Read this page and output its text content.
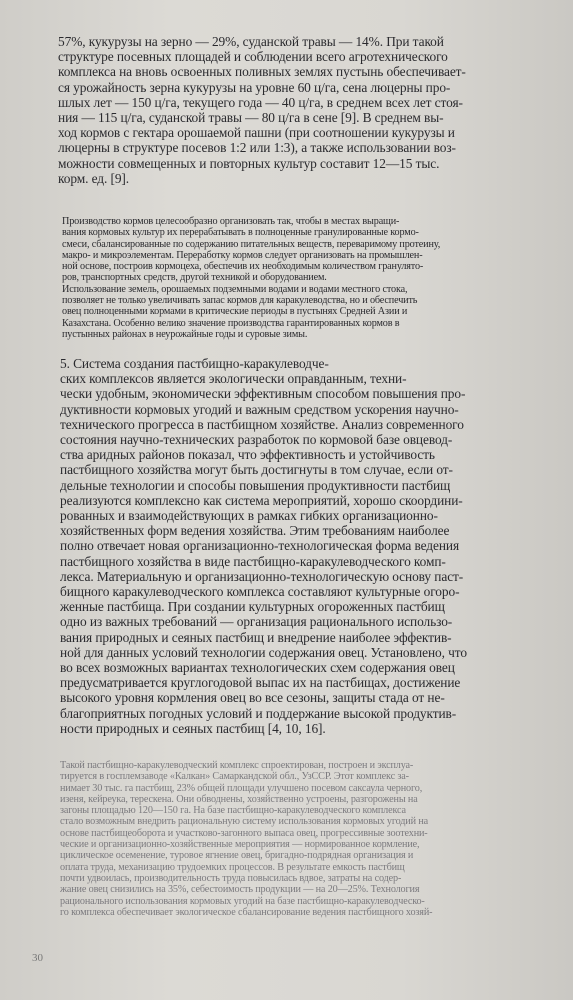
57%, кукурузы на зерно — 29%, суданской травы — 14%. При такой
структуре посевных площадей и соблюдении всего агротехнического
комплекса на вновь освоенных поливных землях пустынь обеспечивает-
ся урожайность зерна кукурузы на уровне 60 ц/га, сена люцерны про-
шлых лет — 150 ц/га, текущего года — 40 ц/га, в среднем всех лет стоя-
ния — 115 ц/га, суданской травы — 80 ц/га в сене [9]. В среднем вы-
ход кормов с гектара орошаемой пашни (при соотношении кукурузы и
люцерны в структуре посевов 1:2 или 1:3), а также использовании воз-
можности совмещенных и повторных культур составит 12—15 тыс.
корм. ед. [9].
Производство кормов целесообразно организовать так, чтобы в местах выращи-
вания кормовых культур их перерабатывать в полноценные гранулированные кормо-
смеси, сбалансированные по содержанию питательных веществ, переваримому протеину,
макро- и микроэлементам. Переработку кормов следует организовать на промышлен-
ной основе, построив кормоцеха, обеспечив их необходимым количеством гранулято-
ров, транспортных средств, другой техникой и оборудованием.
Использование земель, орошаемых подземными водами и водами местного стока,
позволяет не только увеличивать запас кормов для каракулеводства, но и обеспечить
овец полноценными кормами в критические периоды в пустынях Средней Азии и
Казахстана. Особенно велико значение производства гарантированных кормов в
пустынных районах в неурожайные годы и суровые зимы.
5. Система создания пастбищно-каракулеводче-
ских комплексов является экологически оправданным, техни-
чески удобным, экономически эффективным способом повышения про-
дуктивности кормовых угодий и важным средством ускорения научно-
технического прогресса в пастбищном хозяйстве. Анализ современного
состояния научно-технических разработок по кормовой базе овцевод-
ства аридных районов показал, что эффективность и устойчивость
пастбищного хозяйства могут быть достигнуты в том случае, если от-
дельные технологии и способы повышения продуктивности пастбищ
реализуются комплексно как система мероприятий, хорошо скоордини-
рованных и взаимодействующих в рамках гибких организационно-
хозяйственных форм ведения хозяйства. Этим требованиям наиболее
полно отвечает новая организационно-технологическая форма ведения
пастбищного хозяйства в виде пастбищно-каракулеводческого комп-
лекса. Материальную и организационно-технологическую основу паст-
бищного каракулеводческого комплекса составляют культурные огоро-
женные пастбища. При создании культурных огороженных пастбищ
одно из важных требований — организация рационального использо-
вания природных и сеяных пастбищ и внедрение наиболее эффектив-
ной для данных условий технологии содержания овец. Установлено, что
во всех возможных вариантах технологических схем содержания овец
предусматривается круглогодовой выпас их на пастбищах, достижение
высокого уровня кормления овец во все сезоны, защиты стада от не-
благоприятных погодных условий и поддержание высокой продуктив-
ности природных и сеяных пастбищ [4, 10, 16].
Такой пастбищно-каракулеводческий комплекс спроектирован, построен и эксплуа-
тируется в госплемзаводе «Калкан» Самаркандской обл., УзССР. Этот комплекс за-
нимает 30 тыс. га пастбищ, 23% общей площади улучшено посевом саксаула черного,
изеня, кейреука, терескена. Они обводнены, хозяйственно устроены, разгорожены на
загоны площадью 120—150 га. На базе пастбищно-каракулеводческого комплекса
стало возможным внедрить рациональную систему использования кормовых угодий на
основе пастбищеоборота и участково-загонного выпаса овец, прогрессивные зоотехни-
ческие и организационно-хозяйственные мероприятия — нормированное кормление,
циклическое осеменение, туровое ягнение овец, бригадно-подрядная организация и
оплата труда, механизацию трудоемких процессов. В результате емкость пастбищ
почти удвоилась, производительность труда повысилась вдвое, затраты на содер-
жание овец снизились на 35%, себестоимость продукции — на 20—25%. Технология
рационального использования кормовых угодий на базе пастбищно-каракулеводческо-
го комплекса обеспечивает экологическое сбалансирование ведения пастбищного хозяй-
30
